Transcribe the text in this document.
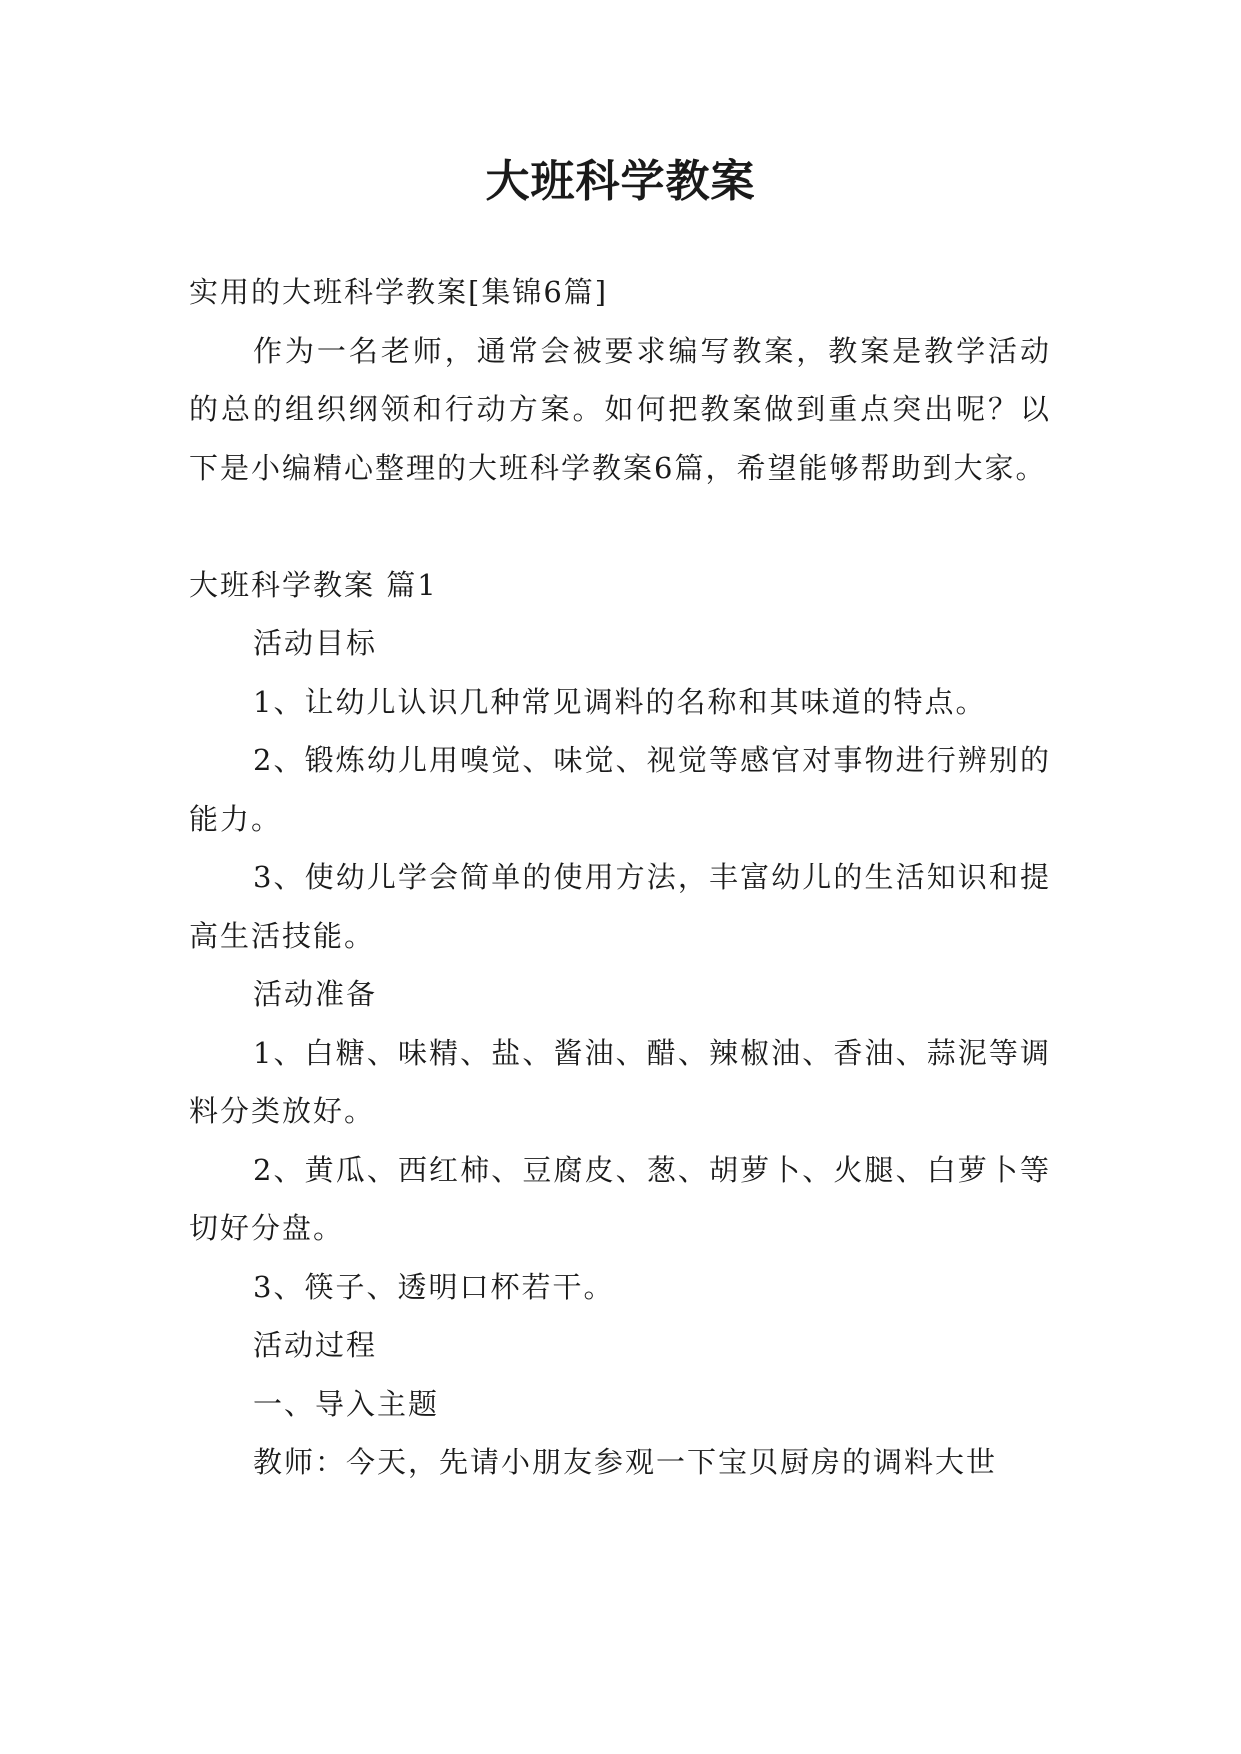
大班科学教案

实用的大班科学教案[集锦6篇]

作为一名老师，通常会被要求编写教案，教案是教学活动的总的组织纲领和行动方案。如何把教案做到重点突出呢？以下是小编精心整理的大班科学教案6篇，希望能够帮助到大家。

大班科学教案 篇1

活动目标

1、让幼儿认识几种常见调料的名称和其味道的特点。

2、锻炼幼儿用嗅觉、味觉、视觉等感官对事物进行辨别的能力。

3、使幼儿学会简单的使用方法，丰富幼儿的生活知识和提高生活技能。

活动准备

1、白糖、味精、盐、酱油、醋、辣椒油、香油、蒜泥等调料分类放好。

2、黄瓜、西红柿、豆腐皮、葱、胡萝卜、火腿、白萝卜等切好分盘。

3、筷子、透明口杯若干。

活动过程

一、导入主题

教师：今天，先请小朋友参观一下宝贝厨房的调料大世
